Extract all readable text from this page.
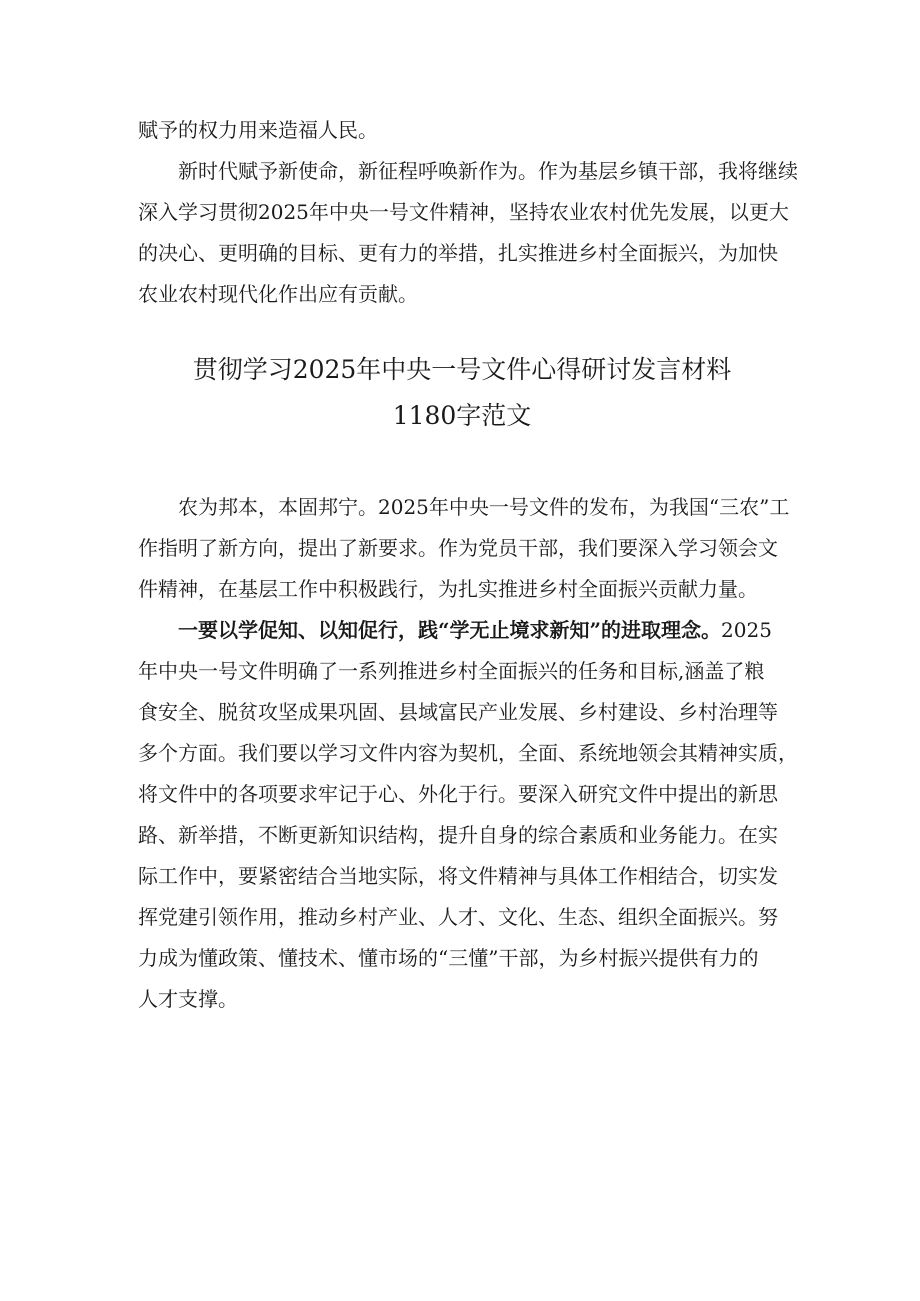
赋予的权力用来造福人民。

　　新时代赋予新使命，新征程呼唤新作为。作为基层乡镇干部，我将继续

深入学习贯彻2025年中央一号文件精神，坚持农业农村优先发展，以更大

的决心、更明确的目标、更有力的举措，扎实推进乡村全面振兴，为加快

农业农村现代化作出应有贡献。

贯彻学习2025年中央一号文件心得研讨发言材料

1180字范文

　　农为邦本，本固邦宁。2025年中央一号文件的发布，为我国“三农”工

作指明了新方向，提出了新要求。作为党员干部，我们要深入学习领会文

件精神，在基层工作中积极践行，为扎实推进乡村全面振兴贡献力量。

　　一要以学促知、以知促行，践“学无止境求新知”的进取理念。2025

年中央一号文件明确了一系列推进乡村全面振兴的任务和目标,涵盖了粮

食安全、脱贫攻坚成果巩固、县域富民产业发展、乡村建设、乡村治理等

多个方面。我们要以学习文件内容为契机，全面、系统地领会其精神实质，

将文件中的各项要求牢记于心、外化于行。要深入研究文件中提出的新思

路、新举措，不断更新知识结构，提升自身的综合素质和业务能力。在实

际工作中，要紧密结合当地实际，将文件精神与具体工作相结合，切实发

挥党建引领作用，推动乡村产业、人才、文化、生态、组织全面振兴。努

力成为懂政策、懂技术、懂市场的“三懂”干部，为乡村振兴提供有力的

人才支撑。
